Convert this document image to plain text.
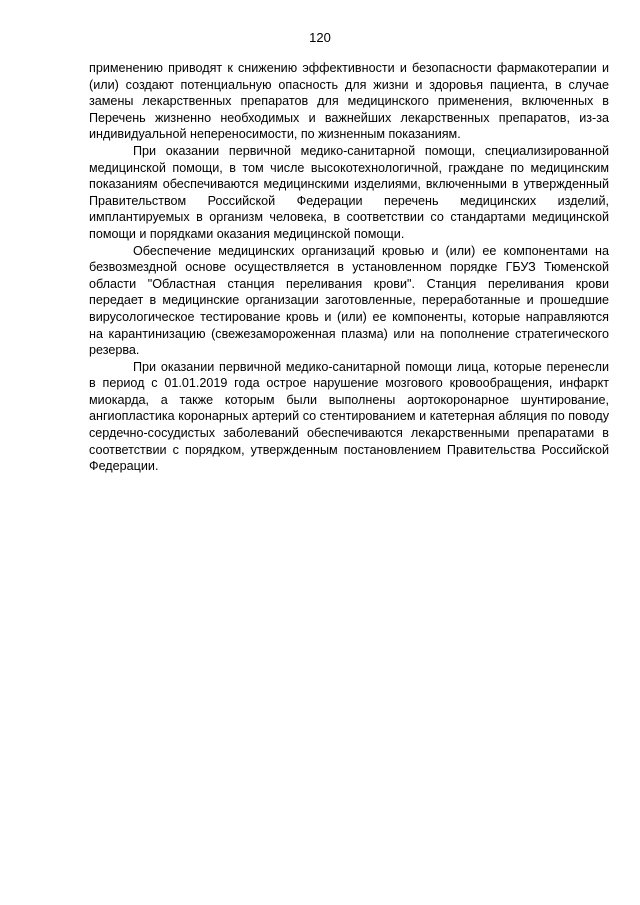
120

применению приводят к снижению эффективности и безопасности фармакотерапии и (или) создают потенциальную опасность для жизни и здоровья пациента, в случае замены лекарственных препаратов для медицинского применения, включенных в Перечень жизненно необходимых и важнейших лекарственных препаратов, из-за индивидуальной непереносимости, по жизненным показаниям.

При оказании первичной медико-санитарной помощи, специализированной медицинской помощи, в том числе высокотехнологичной, граждане по медицинским показаниям обеспечиваются медицинскими изделиями, включенными в утвержденный Правительством Российской Федерации перечень медицинских изделий, имплантируемых в организм человека, в соответствии со стандартами медицинской помощи и порядками оказания медицинской помощи.

Обеспечение медицинских организаций кровью и (или) ее компонентами на безвозмездной основе осуществляется в установленном порядке ГБУЗ Тюменской области "Областная станция переливания крови". Станция переливания крови передает в медицинские организации заготовленные, переработанные и прошедшие вирусологическое тестирование кровь и (или) ее компоненты, которые направляются на карантинизацию (свежезамороженная плазма) или на пополнение стратегического резерва.

При оказании первичной медико-санитарной помощи лица, которые перенесли в период с 01.01.2019 года острое нарушение мозгового кровообращения, инфаркт миокарда, а также которым были выполнены аортокоронарное шунтирование, ангиопластика коронарных артерий со стентированием и катетерная абляция по поводу сердечно-сосудистых заболеваний обеспечиваются лекарственными препаратами в соответствии с порядком, утвержденным постановлением Правительства Российской Федерации.
